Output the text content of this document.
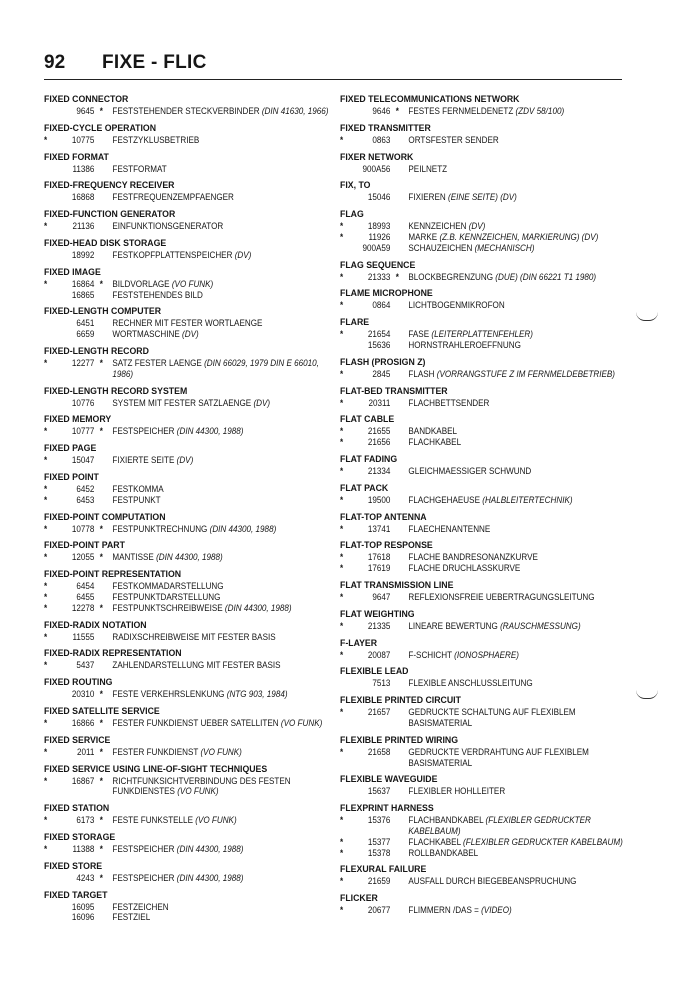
92 FIXE - FLIC
FIXED CONNECTOR
9645 * FESTSTEHENDER STECKVERBINDER (DIN 41630, 1966)
FIXED-CYCLE OPERATION
*	10775 FESTZYKLUSBETRIEB
FIXED FORMAT
11386 FESTFORMAT
FIXED-FREQUENCY RECEIVER
16868 FESTFREQUENZEMPFAENGER
FIXED-FUNCTION GENERATOR
*	21136 EINFUNKTIONSGENERATOR
FIXED-HEAD DISK STORAGE
18992 FESTKOPFPLATTENSPEICHER (DV)
FIXED IMAGE
*	16864 * BILDVORLAGE (VO FUNK)
16865 FESTSTEHENDES BILD
FIXED-LENGTH COMPUTER
6451 RECHNER MIT FESTER WORTLAENGE
6659 WORTMASCHINE (DV)
FIXED-LENGTH RECORD
*	12277 * SATZ FESTER LAENGE (DIN 66029, 1979 DIN E 66010, 1986)
FIXED-LENGTH RECORD SYSTEM
10776 SYSTEM MIT FESTER SATZLAENGE (DV)
FIXED MEMORY
*	10777 * FESTSPEICHER (DIN 44300, 1988)
FIXED PAGE
*	15047 FIXIERTE SEITE (DV)
FIXED POINT
*	6452 FESTKOMMA
*	6453 FESTPUNKT
FIXED-POINT COMPUTATION
*	10778 * FESTPUNKTRECHNUNG (DIN 44300, 1988)
FIXED-POINT PART
*	12055 * MANTISSE (DIN 44300, 1988)
FIXED-POINT REPRESENTATION
*	6454 FESTKOMMADARSTELLUNG
*	6455 FESTPUNKTDARSTELLUNG
*	12278 * FESTPUNKTSCHREIBWEISE (DIN 44300, 1988)
FIXED-RADIX NOTATION
*	11555 RADIXSCHREIBWEISE MIT FESTER BASIS
FIXED-RADIX REPRESENTATION
*	5437 ZAHLENDARSTELLUNG MIT FESTER BASIS
FIXED ROUTING
20310 * FESTE VERKEHRSLENKUNG (NTG 903, 1984)
FIXED SATELLITE SERVICE
*	16866 * FESTER FUNKDIENST UEBER SATELLITEN (VO FUNK)
FIXED SERVICE
*	2011 * FESTER FUNKDIENST (VO FUNK)
FIXED SERVICE USING LINE-OF-SIGHT TECHNIQUES
*	16867 * RICHTFUNKSICHTVERBINDUNG DES FESTEN FUNKDIENSTES (VO FUNK)
FIXED STATION
*	6173 * FESTE FUNKSTELLE (VO FUNK)
FIXED STORAGE
*	11388 * FESTSPEICHER (DIN 44300, 1988)
FIXED STORE
4243 * FESTSPEICHER (DIN 44300, 1988)
FIXED TARGET
16095 FESTZEICHEN
16096 FESTZIEL
FIXED TELECOMMUNICATIONS NETWORK
9646 * FESTES FERNMELDENETZ (ZDV 58/100)
FIXED TRANSMITTER
*	0863 ORTSFESTER SENDER
FIXER NETWORK
900A56 PEILNETZ
FIX, TO
15046 FIXIEREN (EINE SEITE) (DV)
FLAG
*	18993 KENNZEICHEN (DV)
*	11926 MARKE (Z.B. KENNZEICHEN, MARKIERUNG) (DV)
900A59 SCHAUZEICHEN (MECHANISCH)
FLAG SEQUENCE
*	21333 * BLOCKBEGRENZUNG (DUE) (DIN 66221 T1 1980)
FLAME MICROPHONE
*	0864 LICHTBOGENMIKROFON
FLARE
*	21654 FASE (LEITERPLATTENFEHLER)
15636 HORNSTRAHLEROEFFNUNG
FLASH (PROSIGN Z)
*	2845 FLASH (VORRANGSTUFE Z IM FERNMELDEBETRIEB)
FLAT-BED TRANSMITTER
*	20311 FLACHBETTSENDER
FLAT CABLE
*	21655 BANDKABEL
*	21656 FLACHKABEL
FLAT FADING
*	21334 GLEICHMAESSIGER SCHWUND
FLAT PACK
*	19500 FLACHGEHAEUSE (HALBLEITERTECHNIK)
FLAT-TOP ANTENNA
*	13741 FLAECHENANTENNE
FLAT-TOP RESPONSE
*	17618 FLACHE BANDRESONANZKURVE
*	17619 FLACHE DRUCHLASSKURVE
FLAT TRANSMISSION LINE
*	9647 REFLEXIONSFREIE UEBERTRAGUNGSLEITUNG
FLAT WEIGHTING
*	21335 LINEARE BEWERTUNG (RAUSCHMESSUNG)
F-LAYER
*	20087 F-SCHICHT (IONOSPHAERE)
FLEXIBLE LEAD
7513 FLEXIBLE ANSCHLUSSLEITUNG
FLEXIBLE PRINTED CIRCUIT
*	21657 GEDRUCKTE SCHALTUNG AUF FLEXIBLEM BASISMATERIAL
FLEXIBLE PRINTED WIRING
*	21658 GEDRUCKTE VERDRAHTUNG AUF FLEXIBLEM BASISMATERIAL
FLEXIBLE WAVEGUIDE
15637 FLEXIBLER HOHLLEITER
FLEXPRINT HARNESS
*	15376 FLACHBANDKABEL (FLEXIBLER GEDRUCKTER KABELBAUM)
*	15377 FLACHKABEL (FLEXIBLER GEDRUCKTER KABELBAUM)
*	15378 ROLLBANDKABEL
FLEXURAL FAILURE
*	21659 AUSFALL DURCH BIEGEBEANSPRUCHUNG
FLICKER
*	20677 FLIMMERN /DAS = (VIDEO)
